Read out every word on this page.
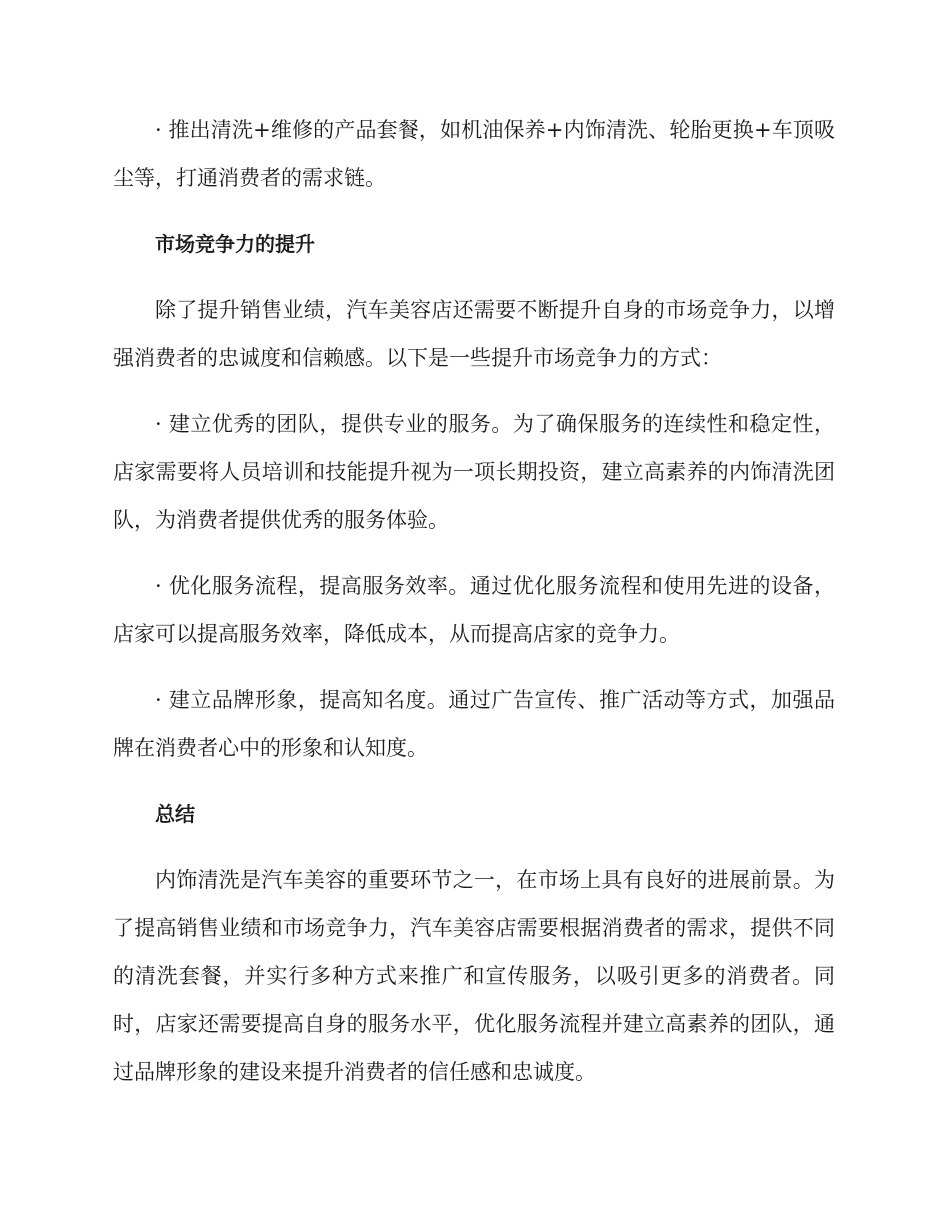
· 推出清洗+维修的产品套餐，如机油保养+内饰清洗、轮胎更换+车顶吸尘等，打通消费者的需求链。

市场竞争力的提升

除了提升销售业绩，汽车美容店还需要不断提升自身的市场竞争力，以增强消费者的忠诚度和信赖感。以下是一些提升市场竞争力的方式：

· 建立优秀的团队，提供专业的服务。为了确保服务的连续性和稳定性，店家需要将人员培训和技能提升视为一项长期投资，建立高素养的内饰清洗团队，为消费者提供优秀的服务体验。

· 优化服务流程，提高服务效率。通过优化服务流程和使用先进的设备，店家可以提高服务效率，降低成本，从而提高店家的竞争力。

· 建立品牌形象，提高知名度。通过广告宣传、推广活动等方式，加强品牌在消费者心中的形象和认知度。

总结

内饰清洗是汽车美容的重要环节之一，在市场上具有良好的进展前景。为了提高销售业绩和市场竞争力，汽车美容店需要根据消费者的需求，提供不同的清洗套餐，并实行多种方式来推广和宣传服务，以吸引更多的消费者。同时，店家还需要提高自身的服务水平，优化服务流程并建立高素养的团队，通过品牌形象的建设来提升消费者的信任感和忠诚度。
